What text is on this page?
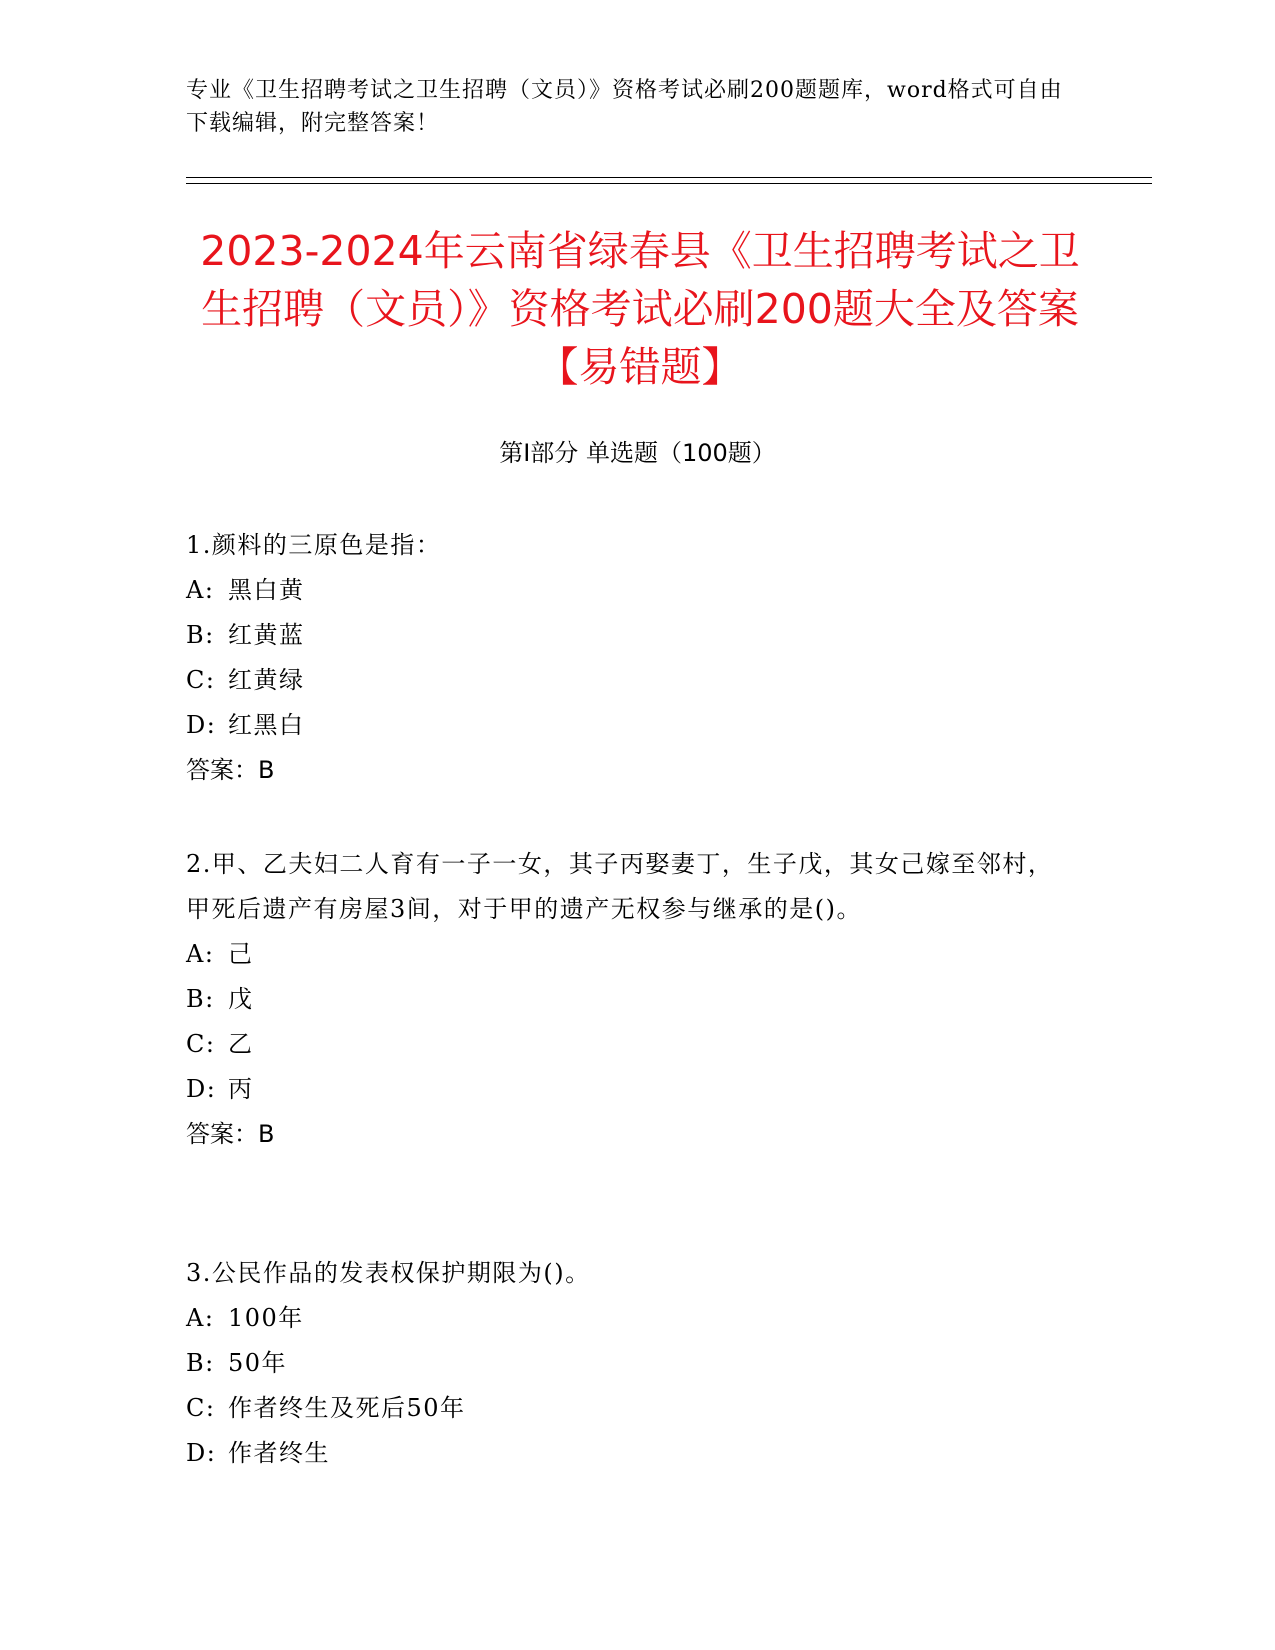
专业《卫生招聘考试之卫生招聘（文员）》资格考试必刷200题题库，word格式可自由下载编辑，附完整答案！
2023-2024年云南省绿春县《卫生招聘考试之卫生招聘（文员）》资格考试必刷200题大全及答案【易错题】
第Ⅰ部分 单选题（100题）

1.颜料的三原色是指：

A: 黑白黄
B: 红黄蓝
C: 红黄绿
D: 红黑白

答案：B

2.甲、乙夫妇二人育有一子一女，其子丙娶妻丁，生子戊，其女己嫁至邻村，甲死后遗产有房屋3间，对于甲的遗产无权参与继承的是()。

A: 己
B: 戊
C: 乙
D: 丙

答案：B

3.公民作品的发表权保护期限为()。

A: 100年
B: 50年
C: 作者终生及死后50年
D: 作者终生
